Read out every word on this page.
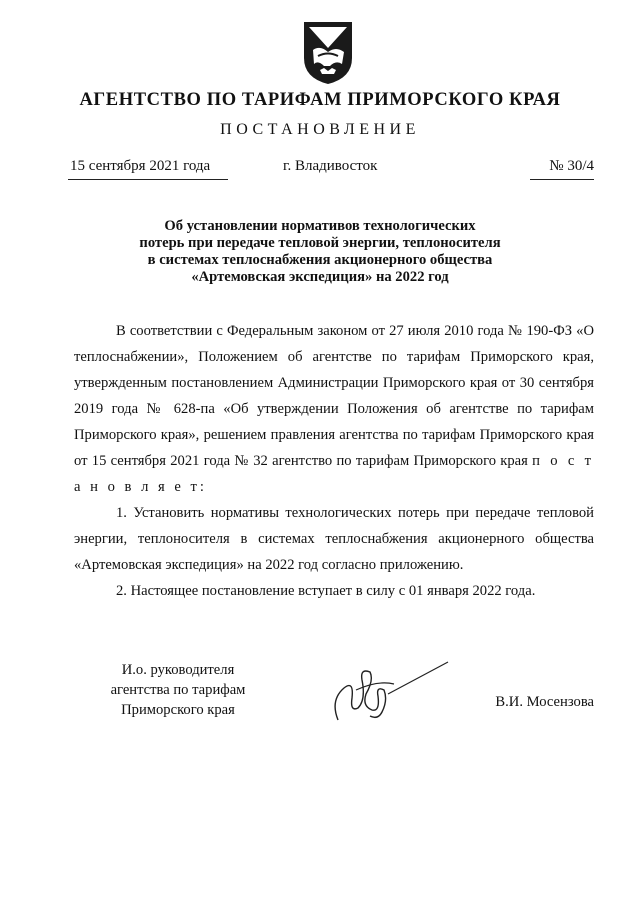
АГЕНТСТВО ПО ТАРИФАМ ПРИМОРСКОГО КРАЯ
ПОСТАНОВЛЕНИЕ
15 сентября 2021 года	г. Владивосток	№ 30/4
Об установлении нормативов технологических
потерь при передаче тепловой энергии, теплоносителя
в системах теплоснабжения акционерного общества
«Артемовская экспедиция» на 2022 год

В соответствии с Федеральным законом от 27 июля 2010 года № 190-ФЗ «О теплоснабжении», Положением об агентстве по тарифам Приморского края, утвержденным постановлением Администрации Приморского края от 30 сентября 2019 года № 628-па «Об утверждении Положения об агентстве по тарифам Приморского края», решением правления агентства по тарифам Приморского края от 15 сентября 2021 года № 32 агентство по тарифам Приморского края п о с т а н о в л я е т:

1. Установить нормативы технологических потерь при передаче тепловой энергии, теплоносителя в системах теплоснабжения акционерного общества «Артемовская экспедиция» на 2022 год согласно приложению.

2. Настоящее постановление вступает в силу с 01 января 2022 года.

И.о. руководителя
агентства по тарифам
Приморского края	В.И. Мосензова
